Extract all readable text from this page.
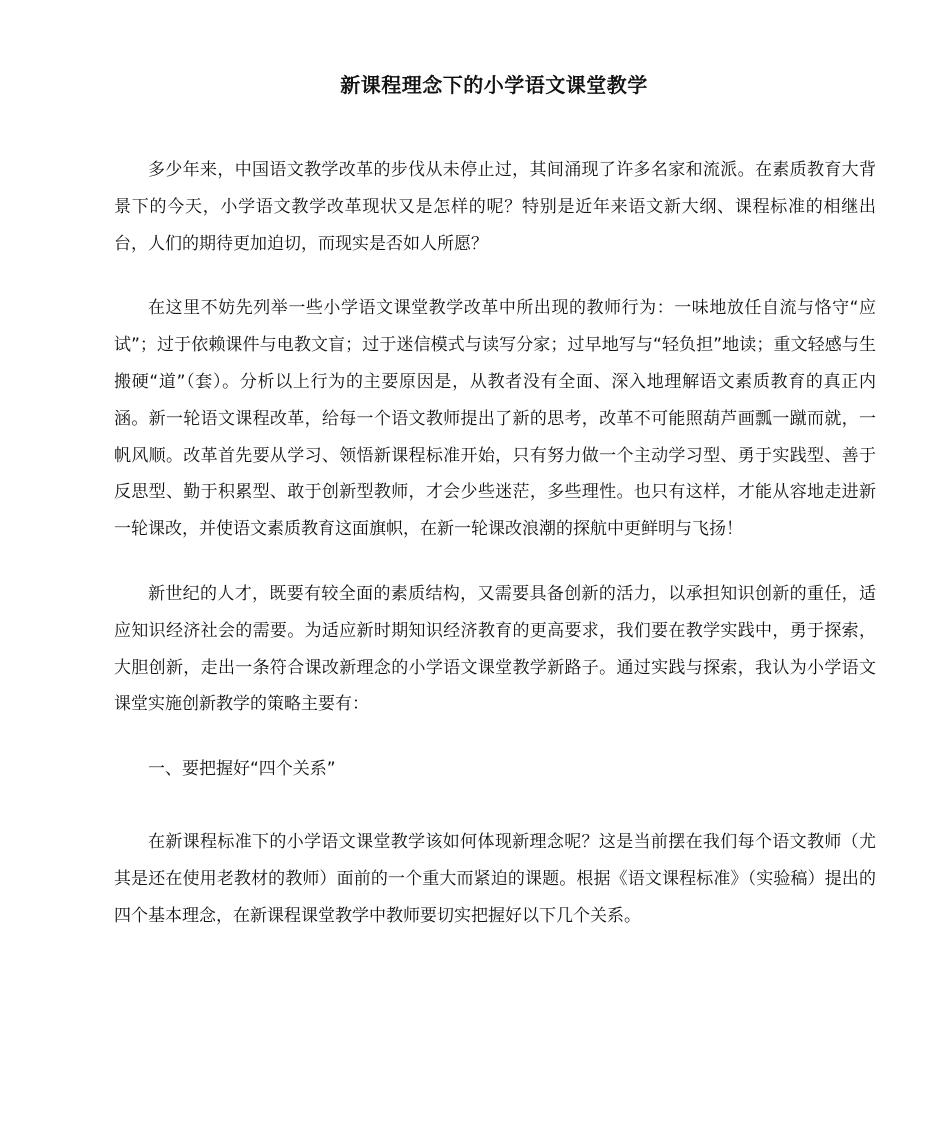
新课程理念下的小学语文课堂教学

多少年来，中国语文教学改革的步伐从未停止过，其间涌现了许多名家和流派。在素质教育大背景下的今天，小学语文教学改革现状又是怎样的呢？特别是近年来语文新大纲、课程标准的相继出台，人们的期待更加迫切，而现实是否如人所愿？

在这里不妨先列举一些小学语文课堂教学改革中所出现的教师行为：一味地放任自流与恪守“应试”；过于依赖课件与电教文盲；过于迷信模式与读写分家；过早地写与“轻负担”地读；重文轻感与生搬硬“道”（套）。分析以上行为的主要原因是，从教者没有全面、深入地理解语文素质教育的真正内涵。新一轮语文课程改革，给每一个语文教师提出了新的思考，改革不可能照葫芦画瓢一蹴而就，一帆风顺。改革首先要从学习、领悟新课程标准开始，只有努力做一个主动学习型、勇于实践型、善于反思型、勤于积累型、敢于创新型教师，才会少些迷茫，多些理性。也只有这样，才能从容地走进新一轮课改，并使语文素质教育这面旗帜，在新一轮课改浪潮的探航中更鲜明与飞扬！

新世纪的人才，既要有较全面的素质结构，又需要具备创新的活力，以承担知识创新的重任，适应知识经济社会的需要。为适应新时期知识经济教育的更高要求，我们要在教学实践中，勇于探索，大胆创新，走出一条符合课改新理念的小学语文课堂教学新路子。通过实践与探索，我认为小学语文课堂实施创新教学的策略主要有：

一、要把握好“四个关系”

在新课程标准下的小学语文课堂教学该如何体现新理念呢？这是当前摆在我们每个语文教师（尤其是还在使用老教材的教师）面前的一个重大而紧迫的课题。根据《语文课程标准》（实验稿）提出的四个基本理念，在新课程课堂教学中教师要切实把握好以下几个关系。
